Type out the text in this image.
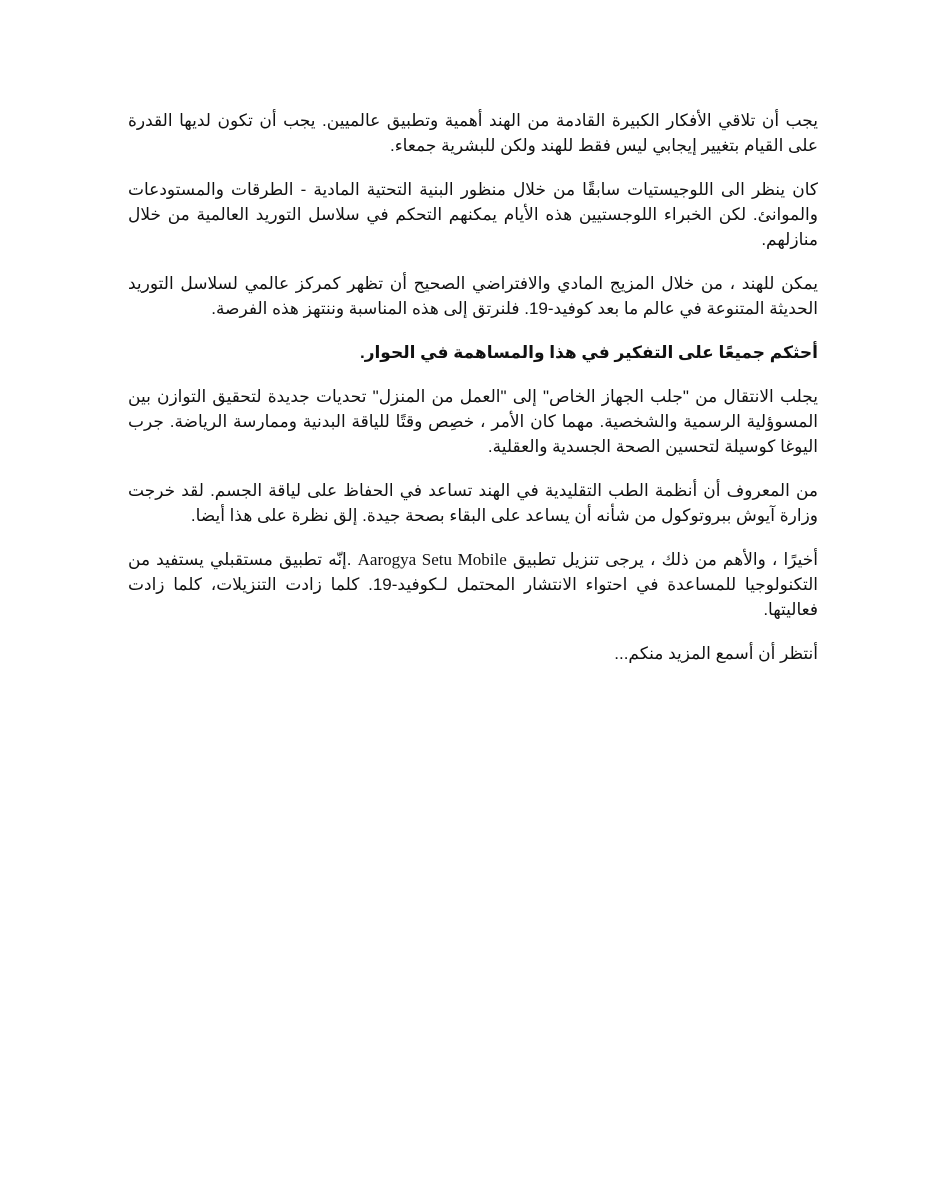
يجب أن تلاقي الأفكار الكبيرة القادمة من الهند أهمية وتطبيق عالميين. يجب أن تكون لديها القدرة على القيام بتغيير إيجابي ليس فقط للهند ولكن للبشرية جمعاء.

كان ينظر الى اللوجيستيات سابقًا من خلال منظور البنية التحتية المادية - الطرقات والمستودعات والموانئ. لكن الخبراء اللوجستيين هذه الأيام يمكنهم التحكم في سلاسل التوريد العالمية من خلال منازلهم.

يمكن للهند ، من خلال المزيج المادي والافتراضي الصحيح أن تظهر كمركز عالمي لسلاسل التوريد الحديثة المتنوعة في عالم ما بعد كوفيد-19. فلنرتق إلى هذه المناسبة وننتهز هذه الفرصة.

أحثكم جميعًا على التفكير في هذا والمساهمة في الحوار.

يجلب الانتقال من "جلب الجهاز الخاص" إلى "العمل من المنزل" تحديات جديدة لتحقيق التوازن بين المسوؤلية الرسمية والشخصية. مهما كان الأمر ، خصِص وقتًا للياقة البدنية وممارسة الرياضة. جرب اليوغا كوسيلة لتحسين الصحة الجسدية والعقلية.

من المعروف أن أنظمة الطب التقليدية في الهند تساعد في الحفاظ على لياقة الجسم. لقد خرجت وزارة آيوش ببروتوكول من شأنه أن يساعد على البقاء بصحة جيدة. إلق نظرة على هذا أيضا.

أخيرًا ، والأهم من ذلك ، يرجى تنزيل تطبيق Aarogya Setu Mobile .إنّه تطبيق مستقبلي يستفيد من التكنولوجيا للمساعدة في احتواء الانتشار المحتمل لـكوفيد-19. كلما زادت التنزيلات، كلما زادت فعاليتها.

أنتظر أن أسمع المزيد منكم...
